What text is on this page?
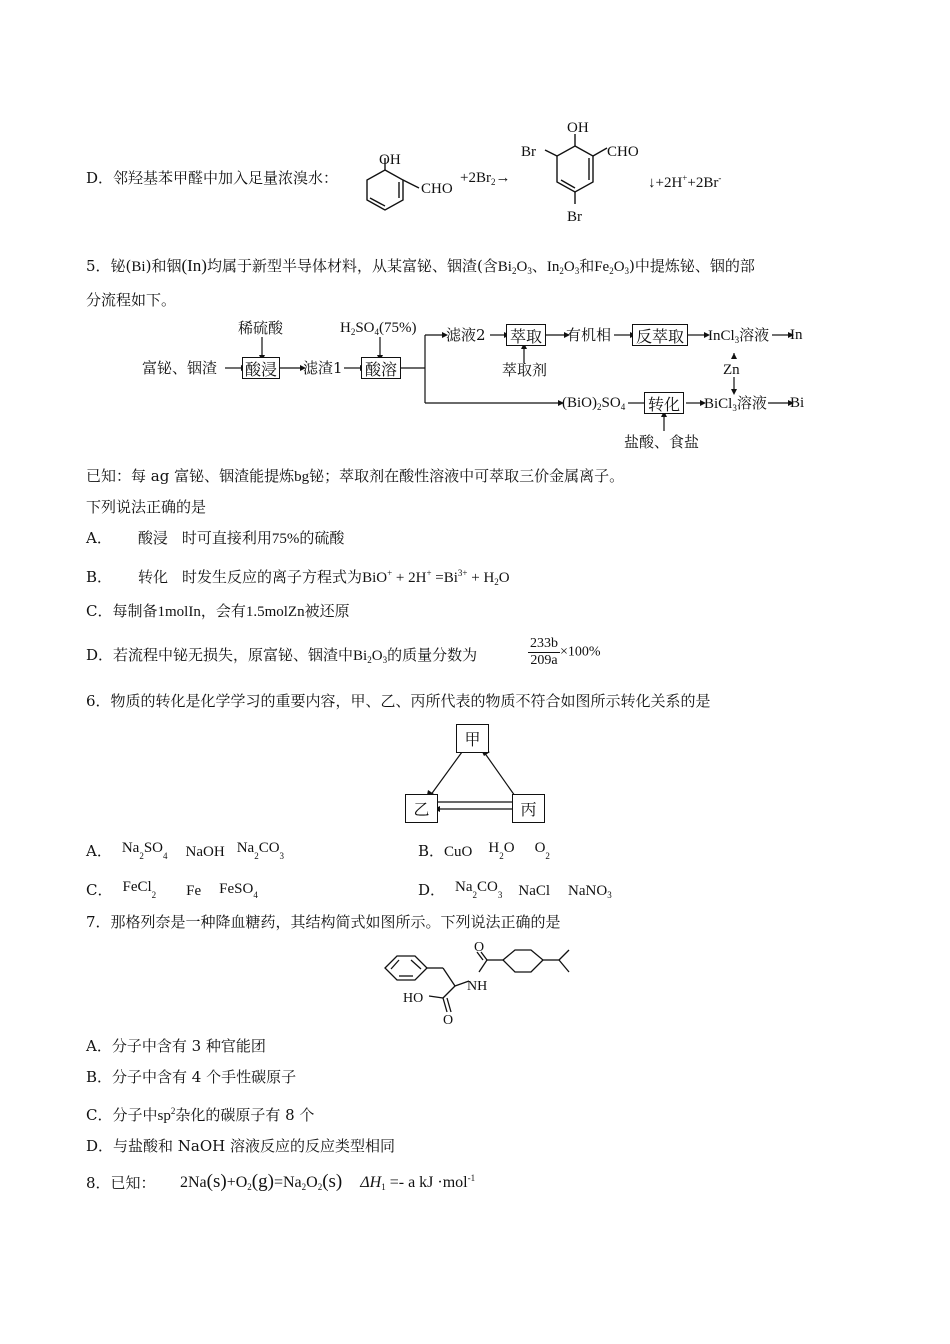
D．邻羟基苯甲醛中加入足量浓溴水：
OH
CHO
$+2Br_2\to$
OH
Br	CHO
Br
↓+2H++2Br-
5．铋(Bi)和铟(In)均属于新型半导体材料，从某富铋、铟渣(含$Bi_2O_3$、$In_2O_3$和$Fe_2O_3$)中提炼铋、铟的部
分流程如下。
稀硫酸	$H_2SO_4(75\%)$
富铋、铟渣 酸浸 滤渣1 酸溶
滤液2 萃取
萃取剂
有机相 反萃取 InCl$_3$溶液 In
Zn
$(BiO)_2SO_4$ 转化 BiCl$_3$溶液 Bi
盐酸、食盐
已知：每 ag 富铋、铟渣能提炼bg铋；萃取剂在酸性溶液中可萃取三价金属离子。
下列说法正确的是
A． 酸浸 时可直接利用75%的硫酸
B． 转化 时发生反应的离子方程式为$BiO^+ + 2H^+ =Bi^{3+} + H_2O$
C．每制备1molIn，会有1.5molZn被还原
D．若流程中铋无损失，原富铋、铟渣中$Bi_2O_3$的质量分数为	$\frac{233b}{209a} \times 100\%$
6．物质的转化是化学学习的重要内容，甲、乙、丙所代表的物质不符合如图所示转化关系的是
甲
乙	丙
A． $Na_2SO_4$ NaOH $Na_2CO_3$	B．CuO $H_2O$ $O_2$
C． FeCl$_2$ Fe FeSO$_4$	D． $Na_2CO_3$ NaCl NaNO$_3$
7．那格列奈是一种降血糖药，其结构简式如图所示。下列说法正确的是
O
NH
HO
O
A．分子中含有 3 种官能团
B．分子中含有 4 个手性碳原子
C．分子中$sp^2$杂化的碳原子有 8 个
D．与盐酸和 NaOH 溶液反应的反应类型相同
8．已知： $2Na(s)+O_2(g)=Na_2O_2(s) \Delta H_1 =- a$ kJ ·mol$^{-1}$
